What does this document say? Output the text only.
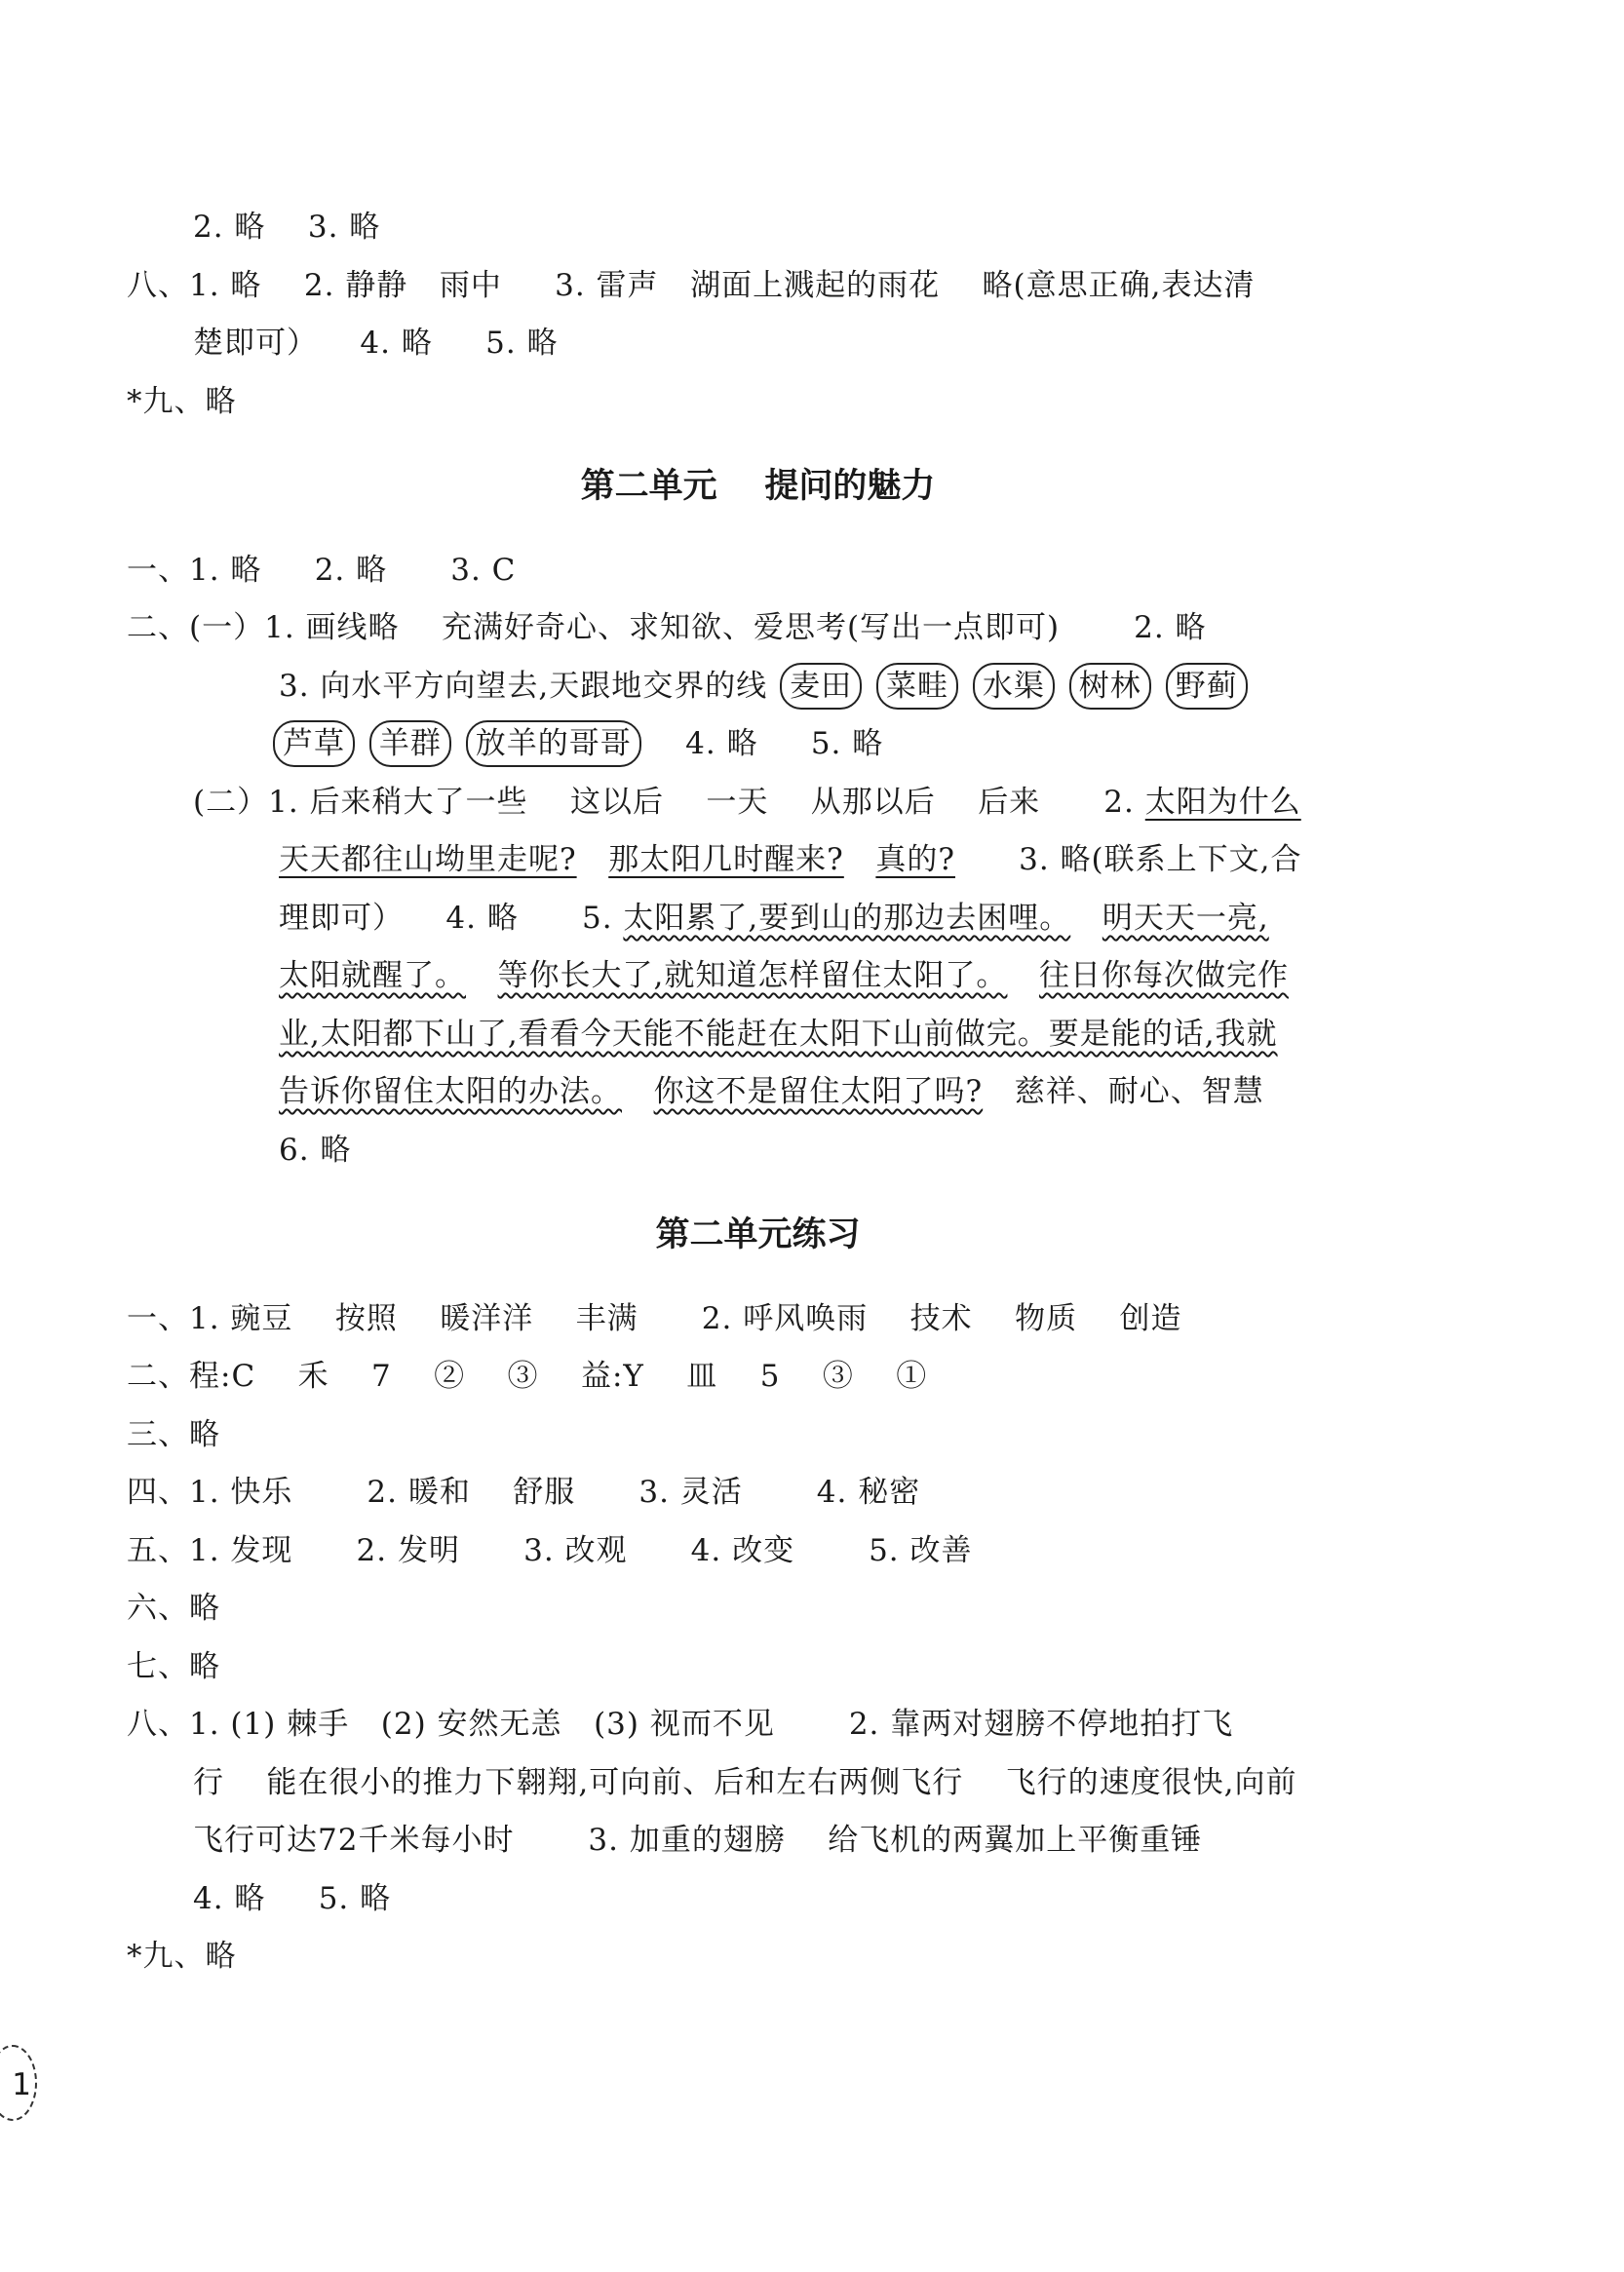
2. 略    3. 略
八、1. 略    2. 静静   雨中     3. 雷声   湖面上溅起的雨花    略(意思正确,表达清
楚即可）    4. 略     5. 略
*九、略
第二单元    提问的魅力
一、1. 略     2. 略      3. C
二、(一）1. 画线略    充满好奇心、求知欲、爱思考(写出一点即可)       2. 略
3. 向水平方向望去,天跟地交界的线 麦田 菜畦 水渠 树林 野蓟
芦草 羊群 放羊的哥哥    4. 略     5. 略
(二）1. 后来稍大了一些    这以后    一天    从那以后    后来      2. 太阳为什么
天天都往山坳里走呢? 那太阳几时醒来? 真的?      3. 略(联系上下文,合
理即可）    4. 略      5. 太阳累了,要到山的那边去困哩。 明天天一亮,
太阳就醒了。 等你长大了,就知道怎样留住太阳了。 往日你每次做完作
业,太阳都下山了,看看今天能不能赶在太阳下山前做完。要是能的话,我就
告诉你留住太阳的办法。 你这不是留住太阳了吗?   慈祥、耐心、智慧
6. 略
第二单元练习
一、1. 豌豆    按照    暖洋洋    丰满      2. 呼风唤雨    技术    物质    创造
二、程:C    禾    7    ②    ③    益:Y    皿    5    ③    ①
三、略
四、1. 快乐       2. 暖和    舒服      3. 灵活       4. 秘密
五、1. 发现      2. 发明      3. 改观      4. 改变       5. 改善
六、略
七、略
八、1. (1) 棘手   (2) 安然无恙   (3) 视而不见       2. 靠两对翅膀不停地拍打飞
行    能在很小的推力下翱翔,可向前、后和左右两侧飞行    飞行的速度很快,向前
飞行可达72千米每小时       3. 加重的翅膀    给飞机的两翼加上平衡重锤
4. 略     5. 略
*九、略
1
